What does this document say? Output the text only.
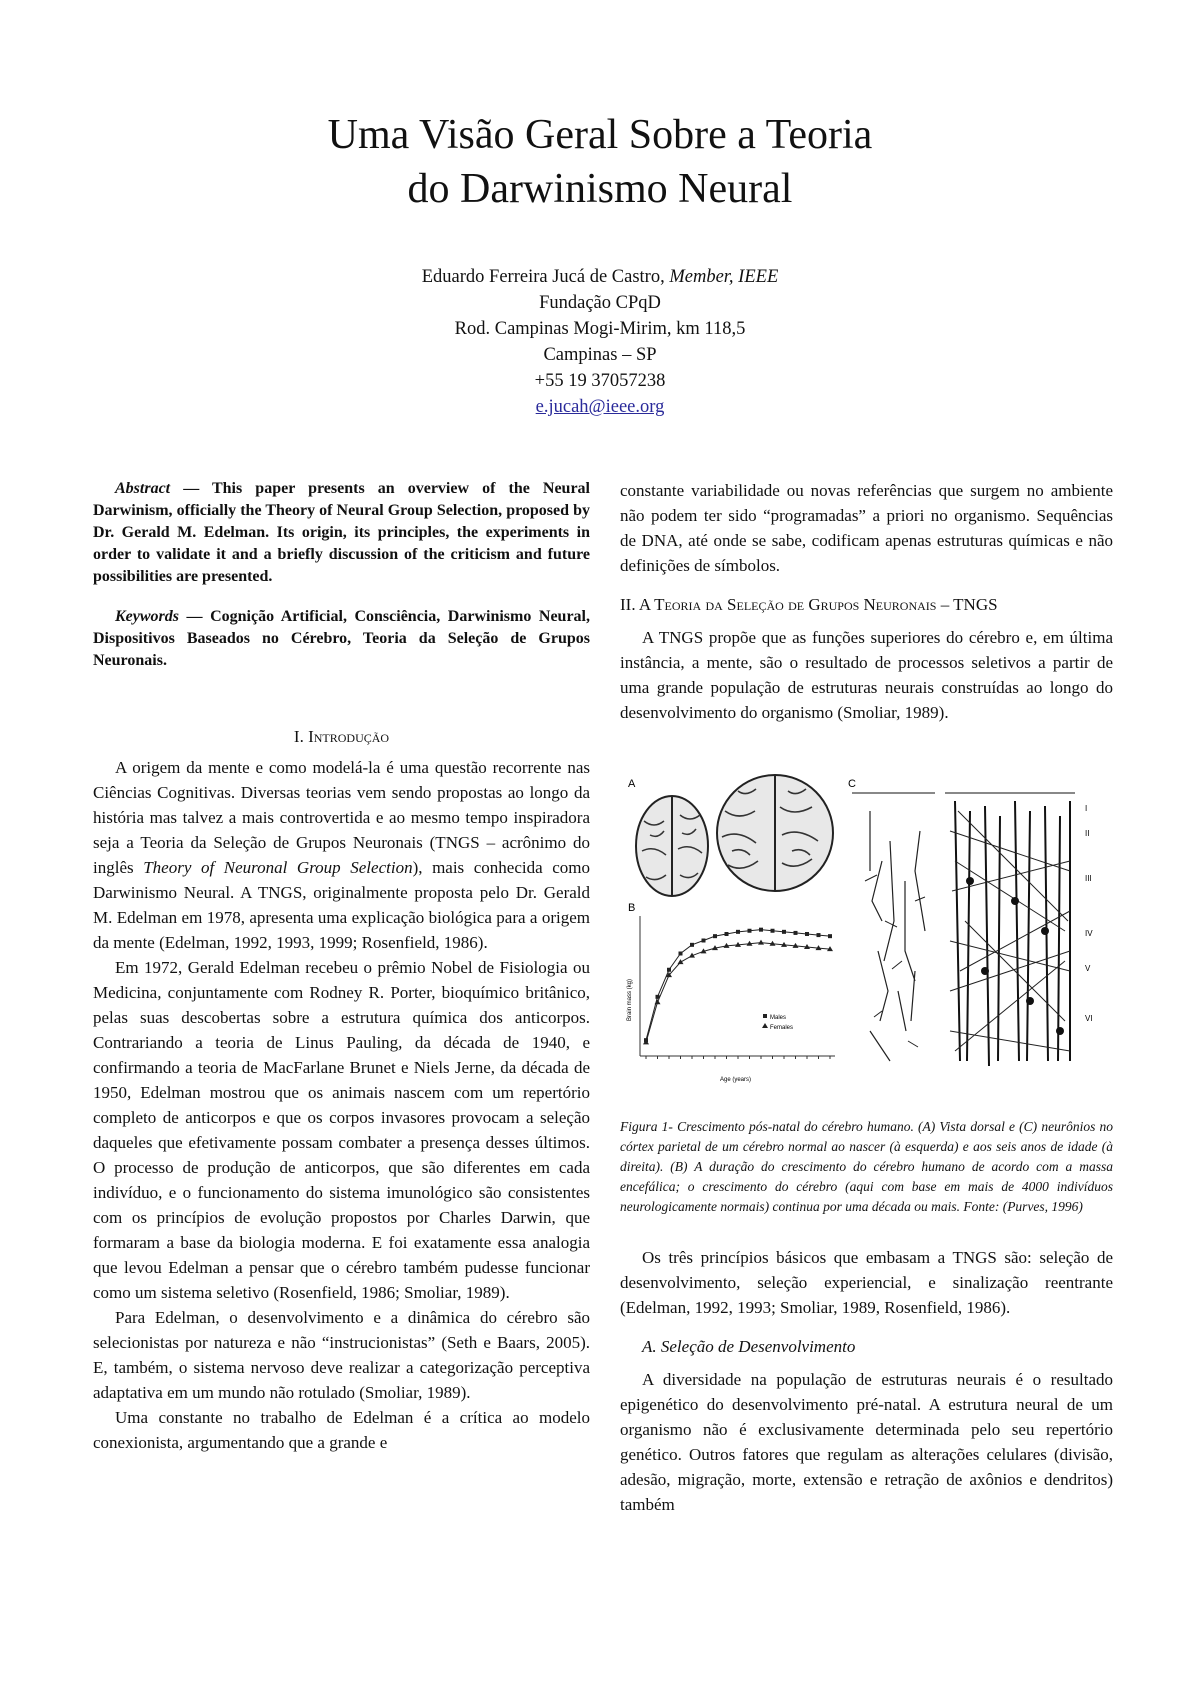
Uma Visão Geral Sobre a Teoria
do Darwinismo Neural
Eduardo Ferreira Jucá de Castro, Member, IEEE
Fundação CPqD
Rod. Campinas Mogi-Mirim, km 118,5
Campinas – SP
+55 19 37057238
e.jucah@ieee.org

Abstract — This paper presents an overview of the Neural Darwinism, officially the Theory of Neural Group Selection, proposed by Dr. Gerald M. Edelman. Its origin, its principles, the experiments in order to validate it and a briefly discussion of the criticism and future possibilities are presented.

Keywords — Cognição Artificial, Consciência, Darwinismo Neural, Dispositivos Baseados no Cérebro, Teoria da Seleção de Grupos Neuronais.

I. Introdução

A origem da mente e como modelá-la é uma questão recorrente nas Ciências Cognitivas. Diversas teorias vem sendo propostas ao longo da história mas talvez a mais controvertida e ao mesmo tempo inspiradora seja a Teoria da Seleção de Grupos Neuronais (TNGS – acrônimo do inglês Theory of Neuronal Group Selection), mais conhecida como Darwinismo Neural. A TNGS, originalmente proposta pelo Dr. Gerald M. Edelman em 1978, apresenta uma explicação biológica para a origem da mente (Edelman, 1992, 1993, 1999; Rosenfield, 1986).

Em 1972, Gerald Edelman recebeu o prêmio Nobel de Fisiologia ou Medicina, conjuntamente com Rodney R. Porter, bioquímico britânico, pelas suas descobertas sobre a estrutura química dos anticorpos. Contrariando a teoria de Linus Pauling, da década de 1940, e confirmando a teoria de MacFarlane Brunet e Niels Jerne, da década de 1950, Edelman mostrou que os animais nascem com um repertório completo de anticorpos e que os corpos invasores provocam a seleção daqueles que efetivamente possam combater a presença desses últimos. O processo de produção de anticorpos, que são diferentes em cada indivíduo, e o funcionamento do sistema imunológico são consistentes com os princípios de evolução propostos por Charles Darwin, que formaram a base da biologia moderna. E foi exatamente essa analogia que levou Edelman a pensar que o cérebro também pudesse funcionar como um sistema seletivo (Rosenfield, 1986; Smoliar, 1989).

Para Edelman, o desenvolvimento e a dinâmica do cérebro são selecionistas por natureza e não “instrucionistas” (Seth e Baars, 2005). E, também, o sistema nervoso deve realizar a categorização perceptiva adaptativa em um mundo não rotulado (Smoliar, 1989).

Uma constante no trabalho de Edelman é a crítica ao modelo conexionista, argumentando que a grande e

constante variabilidade ou novas referências que surgem no ambiente não podem ter sido “programadas” a priori no organismo. Sequências de DNA, até onde se sabe, codificam apenas estruturas químicas e não definições de símbolos.

II. A Teoria da Seleção de Grupos Neuronais – TNGS

A TNGS propõe que as funções superiores do cérebro e, em última instância, a mente, são o resultado de processos seletivos a partir de uma grande população de estruturas neurais construídas ao longo do desenvolvimento do organismo (Smoliar, 1989).

A
B
C
Brain mass (kg)
Age (years)
Males
Females
I
II
III
IV
V
VI

Figura 1- Crescimento pós-natal do cérebro humano. (A) Vista dorsal e (C) neurônios no córtex parietal de um cérebro normal ao nascer (à esquerda) e aos seis anos de idade (à direita). (B) A duração do crescimento do cérebro humano de acordo com a massa encefálica; o crescimento do cérebro (aqui com base em mais de 4000 indivíduos neurologicamente normais) continua por uma década ou mais. Fonte: (Purves, 1996)

Os três princípios básicos que embasam a TNGS são: seleção de desenvolvimento, seleção experiencial, e sinalização reentrante (Edelman, 1992, 1993; Smoliar, 1989, Rosenfield, 1986).

A. Seleção de Desenvolvimento

A diversidade na população de estruturas neurais é o resultado epigenético do desenvolvimento pré-natal. A estrutura neural de um organismo não é exclusivamente determinada pelo seu repertório genético. Outros fatores que regulam as alterações celulares (divisão, adesão, migração, morte, extensão e retração de axônios e dendritos) também
